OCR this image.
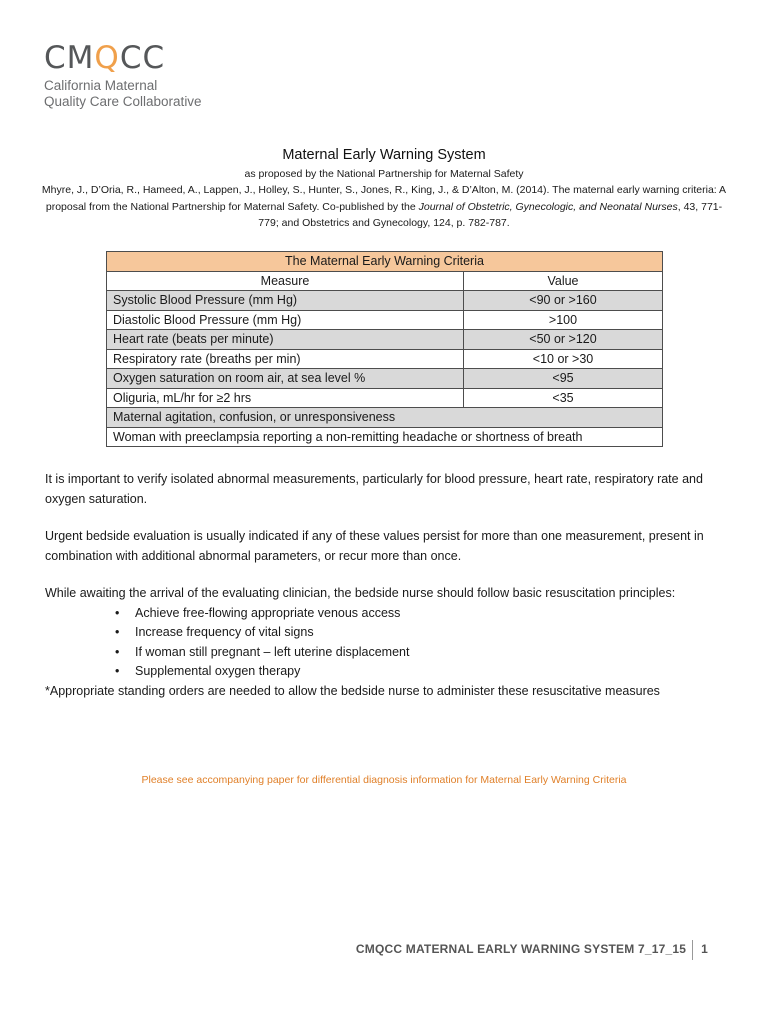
CMQCC
California Maternal
Quality Care Collaborative
Maternal Early Warning System
as proposed by the National Partnership for Maternal Safety
Mhyre, J., D’Oria, R., Hameed, A., Lappen, J., Holley, S., Hunter, S., Jones, R., King, J., & D’Alton, M. (2014). The maternal early warning criteria: A proposal from the National Partnership for Maternal Safety. Co-published by the Journal of Obstetric, Gynecologic, and Neonatal Nurses, 43, 771-779; and Obstetrics and Gynecology, 124, p. 782-787.
The Maternal Early Warning Criteria	
Measure	Value
Systolic Blood Pressure (mm Hg)	<90 or >160
Diastolic Blood Pressure (mm Hg)	>100
Heart rate (beats per minute)	<50 or >120
Respiratory rate (breaths per min)	<10 or >30
Oxygen saturation on room air, at sea level %	<95
Oliguria, mL/hr for ≥2 hrs	<35
Maternal agitation, confusion, or unresponsiveness	
Woman with preeclampsia reporting a non-remitting headache or shortness of breath	

It is important to verify isolated abnormal measurements, particularly for blood pressure, heart rate, respiratory rate and oxygen saturation.

Urgent bedside evaluation is usually indicated if any of these values persist for more than one measurement, present in combination with additional abnormal parameters, or recur more than once.

While awaiting the arrival of the evaluating clinician, the bedside nurse should follow basic resuscitation principles:

• Achieve free-flowing appropriate venous access
• Increase frequency of vital signs
• If woman still pregnant – left uterine displacement
• Supplemental oxygen therapy

*Appropriate standing orders are needed to allow the bedside nurse to administer these resuscitative measures

Please see accompanying paper for differential diagnosis information for Maternal Early Warning Criteria
CMQCC MATERNAL EARLY WARNING SYSTEM 7_17_15 1
